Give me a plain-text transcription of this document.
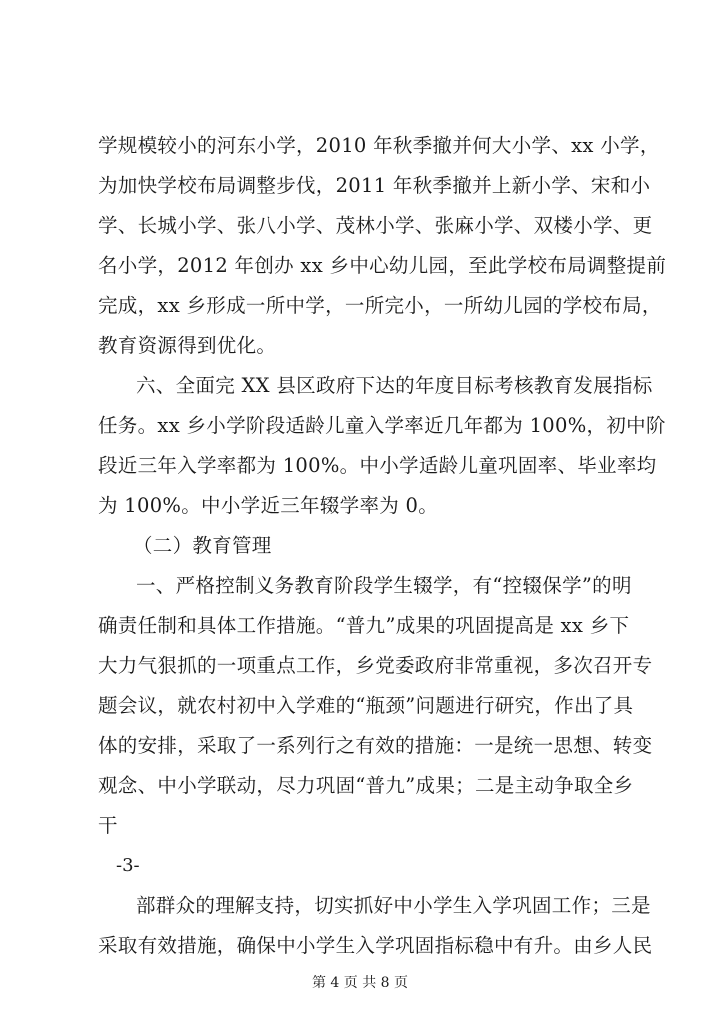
学规模较小的河东小学，2010 年秋季撤并何大小学、xx 小学，
为加快学校布局调整步伐，2011 年秋季撤并上新小学、宋和小
学、长城小学、张八小学、茂林小学、张麻小学、双楼小学、更
名小学，2012 年创办 xx 乡中心幼儿园，至此学校布局调整提前
完成，xx 乡形成一所中学，一所完小，一所幼儿园的学校布局，
教育资源得到优化。
六、全面完 XX 县区政府下达的年度目标考核教育发展指标
任务。xx 乡小学阶段适龄儿童入学率近几年都为 100%，初中阶
段近三年入学率都为 100%。中小学适龄儿童巩固率、毕业率均
为 100%。中小学近三年辍学率为 0。
（二）教育管理
一、严格控制义务教育阶段学生辍学，有“控辍保学”的明
确责任制和具体工作措施。“普九”成果的巩固提高是 xx 乡下
大力气狠抓的一项重点工作，乡党委政府非常重视，多次召开专
题会议，就农村初中入学难的“瓶颈”问题进行研究，作出了具
体的安排，采取了一系列行之有效的措施：一是统一思想、转变
观念、中小学联动，尽力巩固“普九”成果；二是主动争取全乡
干
-3-
部群众的理解支持，切实抓好中小学生入学巩固工作；三是
采取有效措施，确保中小学生入学巩固指标稳中有升。由乡人民
第 4 页 共 8 页
